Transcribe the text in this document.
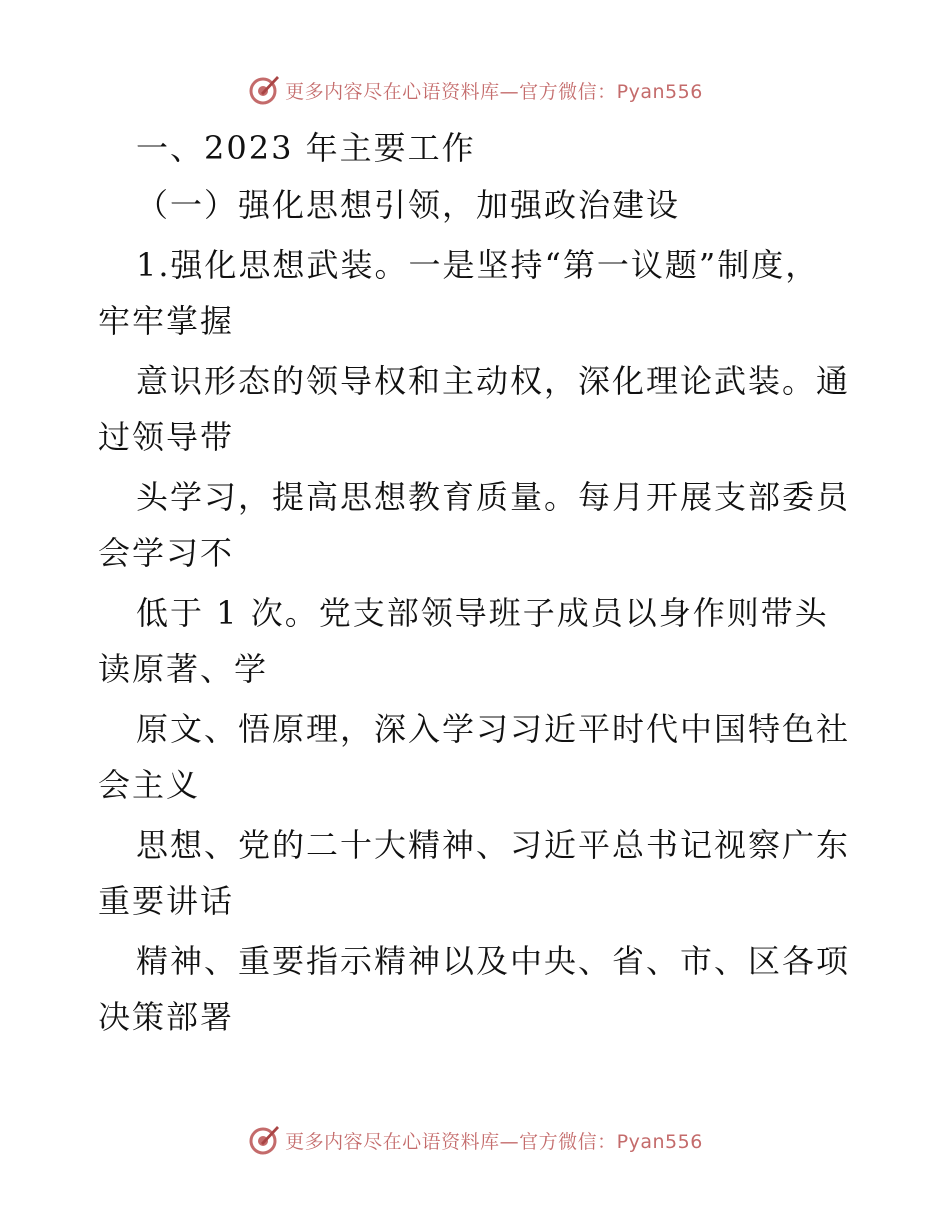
更多内容尽在心语资料库—官方微信：Pyan556
一、2023 年主要工作
（一）强化思想引领，加强政治建设
1.强化思想武装。一是坚持“第一议题”制度，
牢牢掌握
意识形态的领导权和主动权，深化理论武装。通
过领导带
头学习，提高思想教育质量。每月开展支部委员
会学习不
低于 1 次。党支部领导班子成员以身作则带头
读原著、学
原文、悟原理，深入学习习近平时代中国特色社
会主义
思想、党的二十大精神、习近平总书记视察广东
重要讲话
精神、重要指示精神以及中央、省、市、区各项
决策部署
更多内容尽在心语资料库—官方微信：Pyan556
